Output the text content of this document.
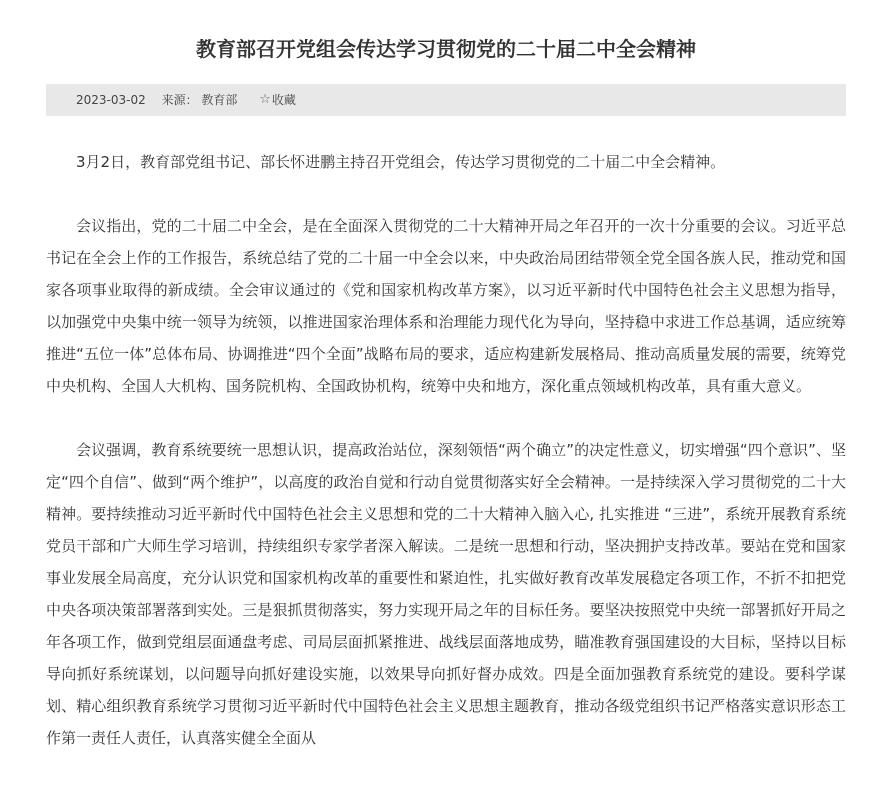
教育部召开党组会传达学习贯彻党的二十届二中全会精神
2023-03-02 来源： 教育部 ☆收藏

3月2日，教育部党组书记、部长怀进鹏主持召开党组会，传达学习贯彻党的二十届二中全会精神。

会议指出，党的二十届二中全会，是在全面深入贯彻党的二十大精神开局之年召开的一次十分重要的会议。习近平总书记在全会上作的工作报告，系统总结了党的二十届一中全会以来，中央政治局团结带领全党全国各族人民，推动党和国家各项事业取得的新成绩。全会审议通过的《党和国家机构改革方案》，以习近平新时代中国特色社会主义思想为指导，以加强党中央集中统一领导为统领，以推进国家治理体系和治理能力现代化为导向，坚持稳中求进工作总基调，适应统筹推进“五位一体”总体布局、协调推进“四个全面”战略布局的要求，适应构建新发展格局、推动高质量发展的需要，统筹党中央机构、全国人大机构、国务院机构、全国政协机构，统筹中央和地方，深化重点领域机构改革，具有重大意义。

会议强调，教育系统要统一思想认识，提高政治站位，深刻领悟“两个确立”的决定性意义，切实增强“四个意识”、坚定“四个自信”、做到“两个维护”，以高度的政治自觉和行动自觉贯彻落实好全会精神。一是持续深入学习贯彻党的二十大精神。要持续推动习近平新时代中国特色社会主义思想和党的二十大精神入脑入心, 扎实推进 “三进”，系统开展教育系统党员干部和广大师生学习培训，持续组织专家学者深入解读。二是统一思想和行动，坚决拥护支持改革。要站在党和国家事业发展全局高度，充分认识党和国家机构改革的重要性和紧迫性，扎实做好教育改革发展稳定各项工作，不折不扣把党中央各项决策部署落到实处。三是狠抓贯彻落实，努力实现开局之年的目标任务。要坚决按照党中央统一部署抓好开局之年各项工作，做到党组层面通盘考虑、司局层面抓紧推进、战线层面落地成势，瞄准教育强国建设的大目标，坚持以目标导向抓好系统谋划，以问题导向抓好建设实施，以效果导向抓好督办成效。四是全面加强教育系统党的建设。要科学谋划、精心组织教育系统学习贯彻习近平新时代中国特色社会主义思想主题教育，推动各级党组织书记严格落实意识形态工作第一责任人责任，认真落实健全全面从
